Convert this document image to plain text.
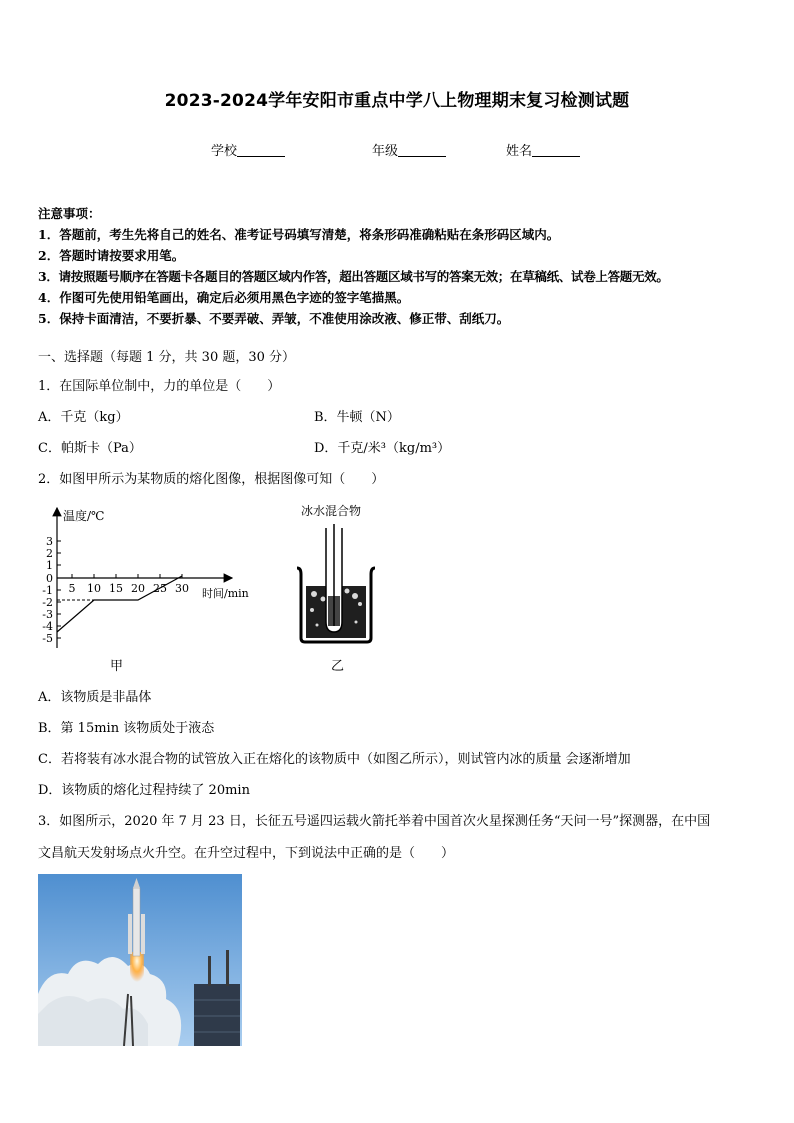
2023-2024学年安阳市重点中学八上物理期末复习检测试题
学校	年级	姓名
注意事项：
1．答题前，考生先将自己的姓名、准考证号码填写清楚，将条形码准确粘贴在条形码区域内。
2．答题时请按要求用笔。
3．请按照题号顺序在答题卡各题目的答题区域内作答，超出答题区域书写的答案无效；在草稿纸、试卷上答题无效。
4．作图可先使用铅笔画出，确定后必须用黑色字迹的签字笔描黑。
5．保持卡面清洁，不要折暴、不要弄破、弄皱，不准使用涂改液、修正带、刮纸刀。
一、选择题（每题 1 分，共 30 题，30 分）
1．在国际单位制中，力的单位是（　　）
A．千克（kg）	B．牛顿（N）
C．帕斯卡（Pa）	D．千克/米³（kg/m³）
2．如图甲所示为某物质的熔化图像，根据图像可知（　　）
温度/℃
时间/min
3
2
1
0
-1
-2
-3
-4
-5
5 10 15 20 25 30
甲
冰水混合物
乙
A．该物质是非晶体
B．第 15min 该物质处于液态
C．若将装有冰水混合物的试管放入正在熔化的该物质中（如图乙所示），则试管内冰的质量 会逐渐增加
D．该物质的熔化过程持续了 20min
3．如图所示，2020 年 7 月 23 日，长征五号遥四运载火箭托举着中国首次火星探测任务“天问一号”探测器，在中国
文昌航天发射场点火升空。在升空过程中，下到说法中正确的是（　　）
